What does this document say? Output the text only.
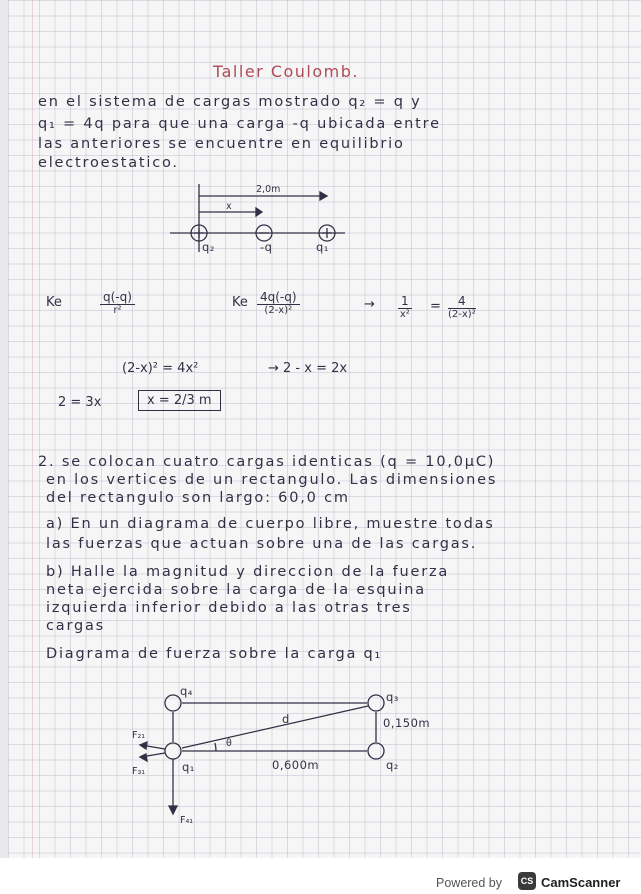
Taller Coulomb.
en el sistema de cargas mostrado q₂ = q y
q₁ = 4q para que una carga -q ubicada entre
las anteriores se encuentre en equilibrio
electroestatico.
2,0m
x
q₂	-q	q₁
Ke	q(-q)
r²
Ke 4q(-q)
(2-x)²	→ 1
x²
=	4
(2-x)²
(2-x)² = 4x²	→ 2 - x = 2x
2 = 3x	x = 2/3 m
2. se colocan cuatro cargas identicas (q = 10,0µC)
en los vertices de un rectangulo. Las dimensiones
del rectangulo son largo: 60,0 cm
a) En un diagrama de cuerpo libre, muestre todas
las fuerzas que actuan sobre una de las cargas.
b) Halle la magnitud y direccion de la fuerza
neta ejercida sobre la carga de la esquina
izquierda inferior debido a las otras tres
cargas
Diagrama de fuerza sobre la carga q₁
q₄	q₃
q₁	q₂
d
θ
0,150m
0,600m
F₂₁
F₃₁
F₄₁
Powered by	CS CamScanner
